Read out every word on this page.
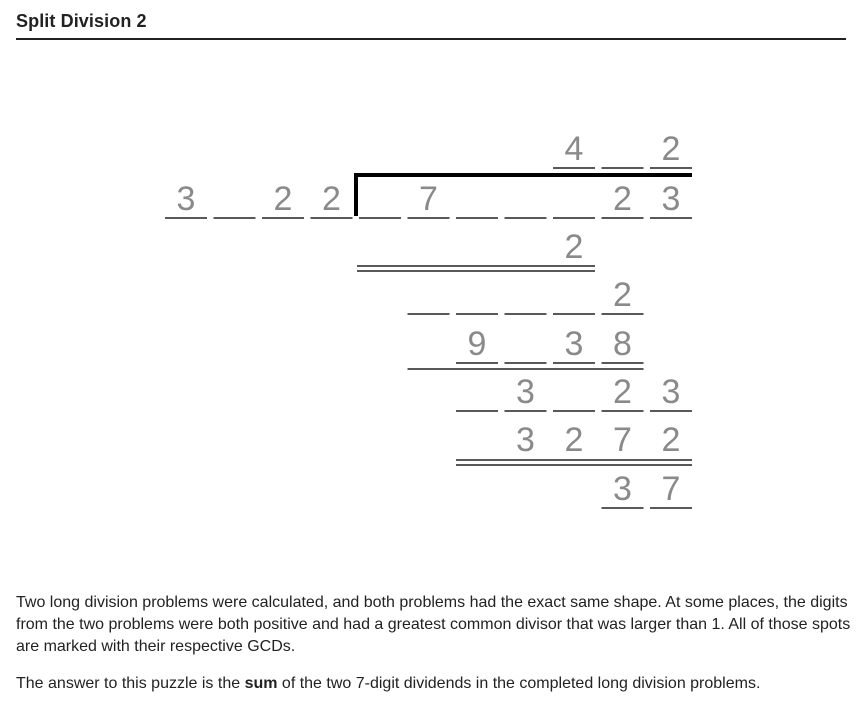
Split Division 2
3 2 2 7	2 3
4 2
2
2
9 3 8
3 2 3
3 2 7 2
3 7

Two long division problems were calculated, and both problems had the exact same shape. At some places, the digits from the two problems were both positive and had a greatest common divisor that was larger than 1. All of those spots are marked with their respective GCDs.

The answer to this puzzle is the sum of the two 7-digit dividends in the completed long division problems.
